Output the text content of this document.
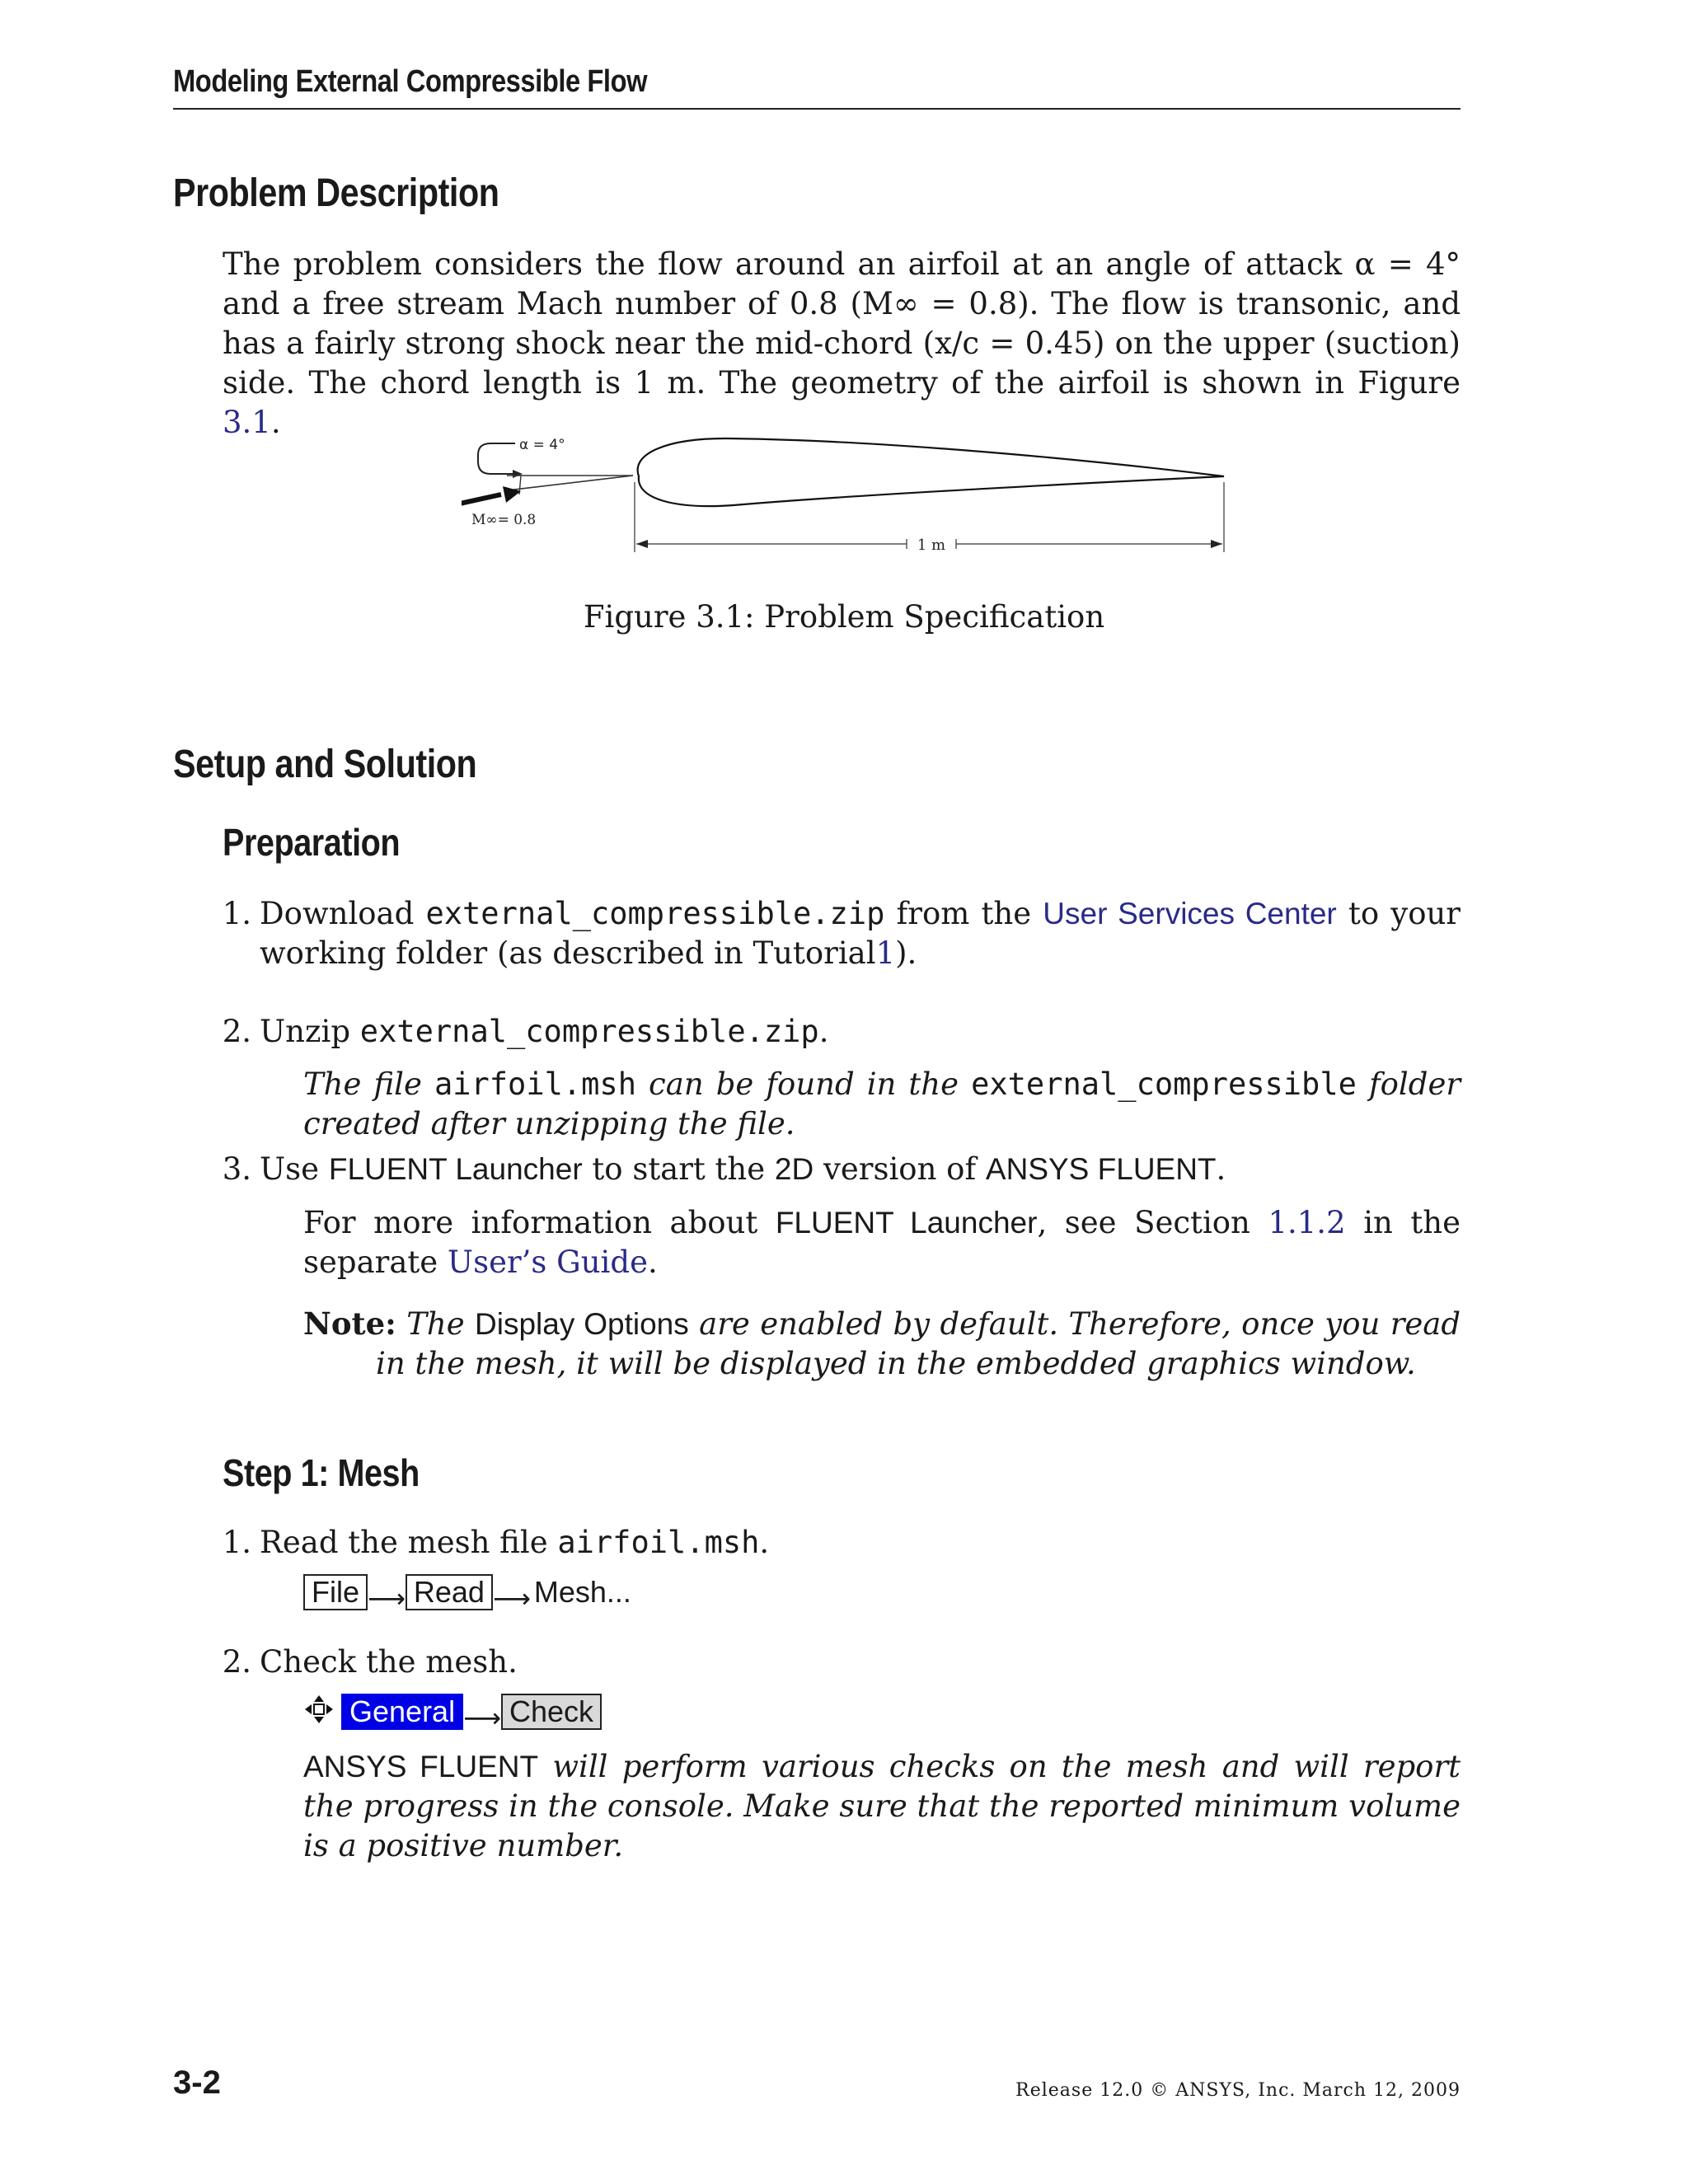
Modeling External Compressible Flow
Problem Description
The problem considers the flow around an airfoil at an angle of attack α = 4° and a free stream Mach number of 0.8 (M∞ = 0.8). The flow is transonic, and has a fairly strong shock near the mid-chord (x/c = 0.45) on the upper (suction) side. The chord length is 1 m. The geometry of the airfoil is shown in Figure 3.1.
α = 4°
M∞= 0.8
1 m
Figure 3.1: Problem Specification
Setup and Solution
Preparation
1. Download external_compressible.zip from the User Services Center to your working folder (as described in Tutorial1).
2. Unzip external_compressible.zip.
The file airfoil.msh can be found in the external_compressible folder created after unzipping the file.
3. Use FLUENT Launcher to start the 2D version of ANSYS FLUENT.
For more information about FLUENT Launcher, see Section 1.1.2 in the separate User’s Guide.
Note: The Display Options are enabled by default. Therefore, once you read in the mesh, it will be displayed in the embedded graphics window.
Step 1: Mesh
1. Read the mesh file airfoil.msh.
File ⟶ Read ⟶ Mesh...
2. Check the mesh.
General ⟶ Check
ANSYS FLUENT will perform various checks on the mesh and will report the progress in the console. Make sure that the reported minimum volume is a positive number.
3-2	Release 12.0 © ANSYS, Inc. March 12, 2009
